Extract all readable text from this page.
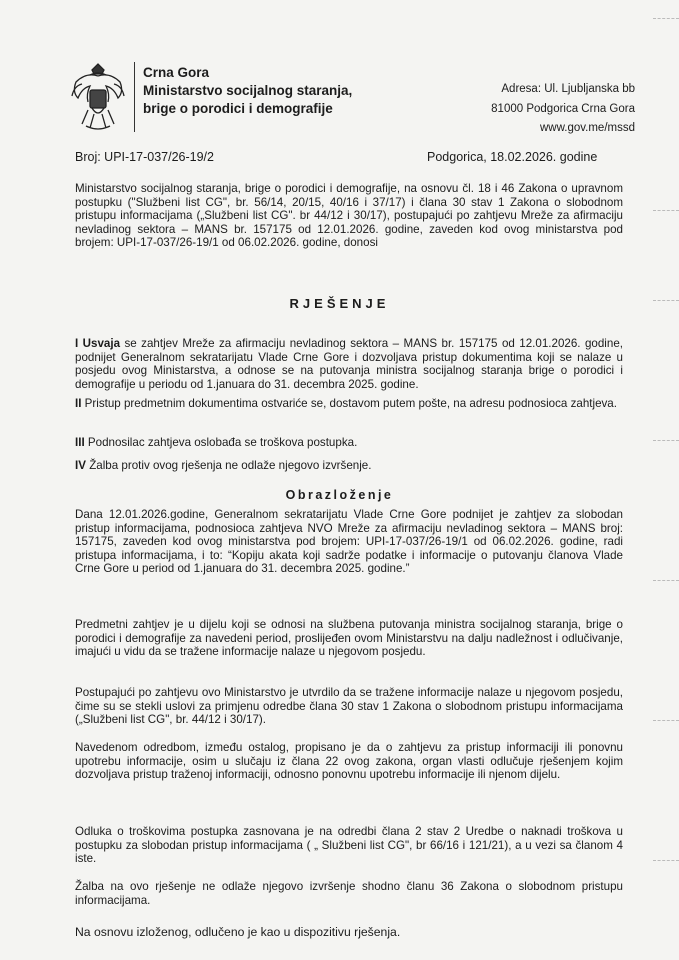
Crna Gora
Ministarstvo socijalnog staranja,
brige o porodici i demografije
Adresa: Ul. Ljubljanska bb
81000 Podgorica Crna Gora
www.gov.me/mssd
Broj: UPI-17-037/26-19/2	Podgorica, 18.02.2026. godine
Ministarstvo socijalnog staranja, brige o porodici i demografije, na osnovu čl. 18 i 46 Zakona o upravnom postupku ("Službeni list CG", br. 56/14, 20/15, 40/16 i 37/17) i člana 30 stav 1 Zakona o slobodnom pristupu informacijama („Službeni list CG". br 44/12 i 30/17), postupajući po zahtjevu Mreže za afirmaciju nevladinog sektora – MANS br. 157175 od 12.01.2026. godine, zaveden kod ovog ministarstva pod brojem: UPI-17-037/26-19/1 od 06.02.2026. godine, donosi
RJEŠENJE
I Usvaja se zahtjev Mreže za afirmaciju nevladinog sektora – MANS br. 157175 od 12.01.2026. godine, podnijet Generalnom sekratarijatu Vlade Crne Gore i dozvoljava pristup dokumentima koji se nalaze u posjedu ovog Ministarstva, a odnose se na putovanja ministra socijalnog staranja brige o porodici i demografije u periodu od 1.januara do 31. decembra 2025. godine.
II Pristup predmetnim dokumentima ostvariće se, dostavom putem pošte, na adresu podnosioca zahtjeva.
III Podnosilac zahtjeva oslobađa se troškova postupka.
IV Žalba protiv ovog rješenja ne odlaže njegovo izvršenje.
Obrazloženje
Dana 12.01.2026.godine, Generalnom sekratarijatu Vlade Crne Gore podnijet je zahtjev za slobodan pristup informacijama, podnosioca zahtjeva NVO Mreže za afirmaciju nevladinog sektora – MANS broj: 157175, zaveden kod ovog ministarstva pod brojem: UPI-17-037/26-19/1 od 06.02.2026. godine, radi pristupa informacijama, i to: “Kopiju akata koji sadrže podatke i informacije o putovanju članova Vlade Crne Gore u period od 1.januara do 31. decembra 2025. godine.”
Predmetni zahtjev je u dijelu koji se odnosi na službena putovanja ministra socijalnog staranja, brige o porodici i demografije za navedeni period, proslijeđen ovom Ministarstvu na dalju nadležnost i odlučivanje, imajući u vidu da se tražene informacije nalaze u njegovom posjedu.
Postupajući po zahtjevu ovo Ministarstvo je utvrdilo da se tražene informacije nalaze u njegovom posjedu, čime su se stekli uslovi za primjenu odredbe člana 30 stav 1 Zakona o slobodnom pristupu informacijama („Službeni list CG", br. 44/12 i 30/17).
Navedenom odredbom, između ostalog, propisano je da o zahtjevu za pristup informaciji ili ponovnu upotrebu informacije, osim u slučaju iz člana 22 ovog zakona, organ vlasti odlučuje rješenjem kojim dozvoljava pristup traženoj informaciji, odnosno ponovnu upotrebu informacije ili njenom dijelu.
Odluka o troškovima postupka zasnovana je na odredbi člana 2 stav 2 Uredbe o naknadi troškova u postupku za slobodan pristup informacijama ( „ Službeni list CG", br 66/16 i 121/21), a u vezi sa članom 4 iste.
Žalba na ovo rješenje ne odlaže njegovo izvršenje shodno članu 36 Zakona o slobodnom pristupu informacijama.
Na osnovu izloženog, odlučeno je kao u dispozitivu rješenja.
